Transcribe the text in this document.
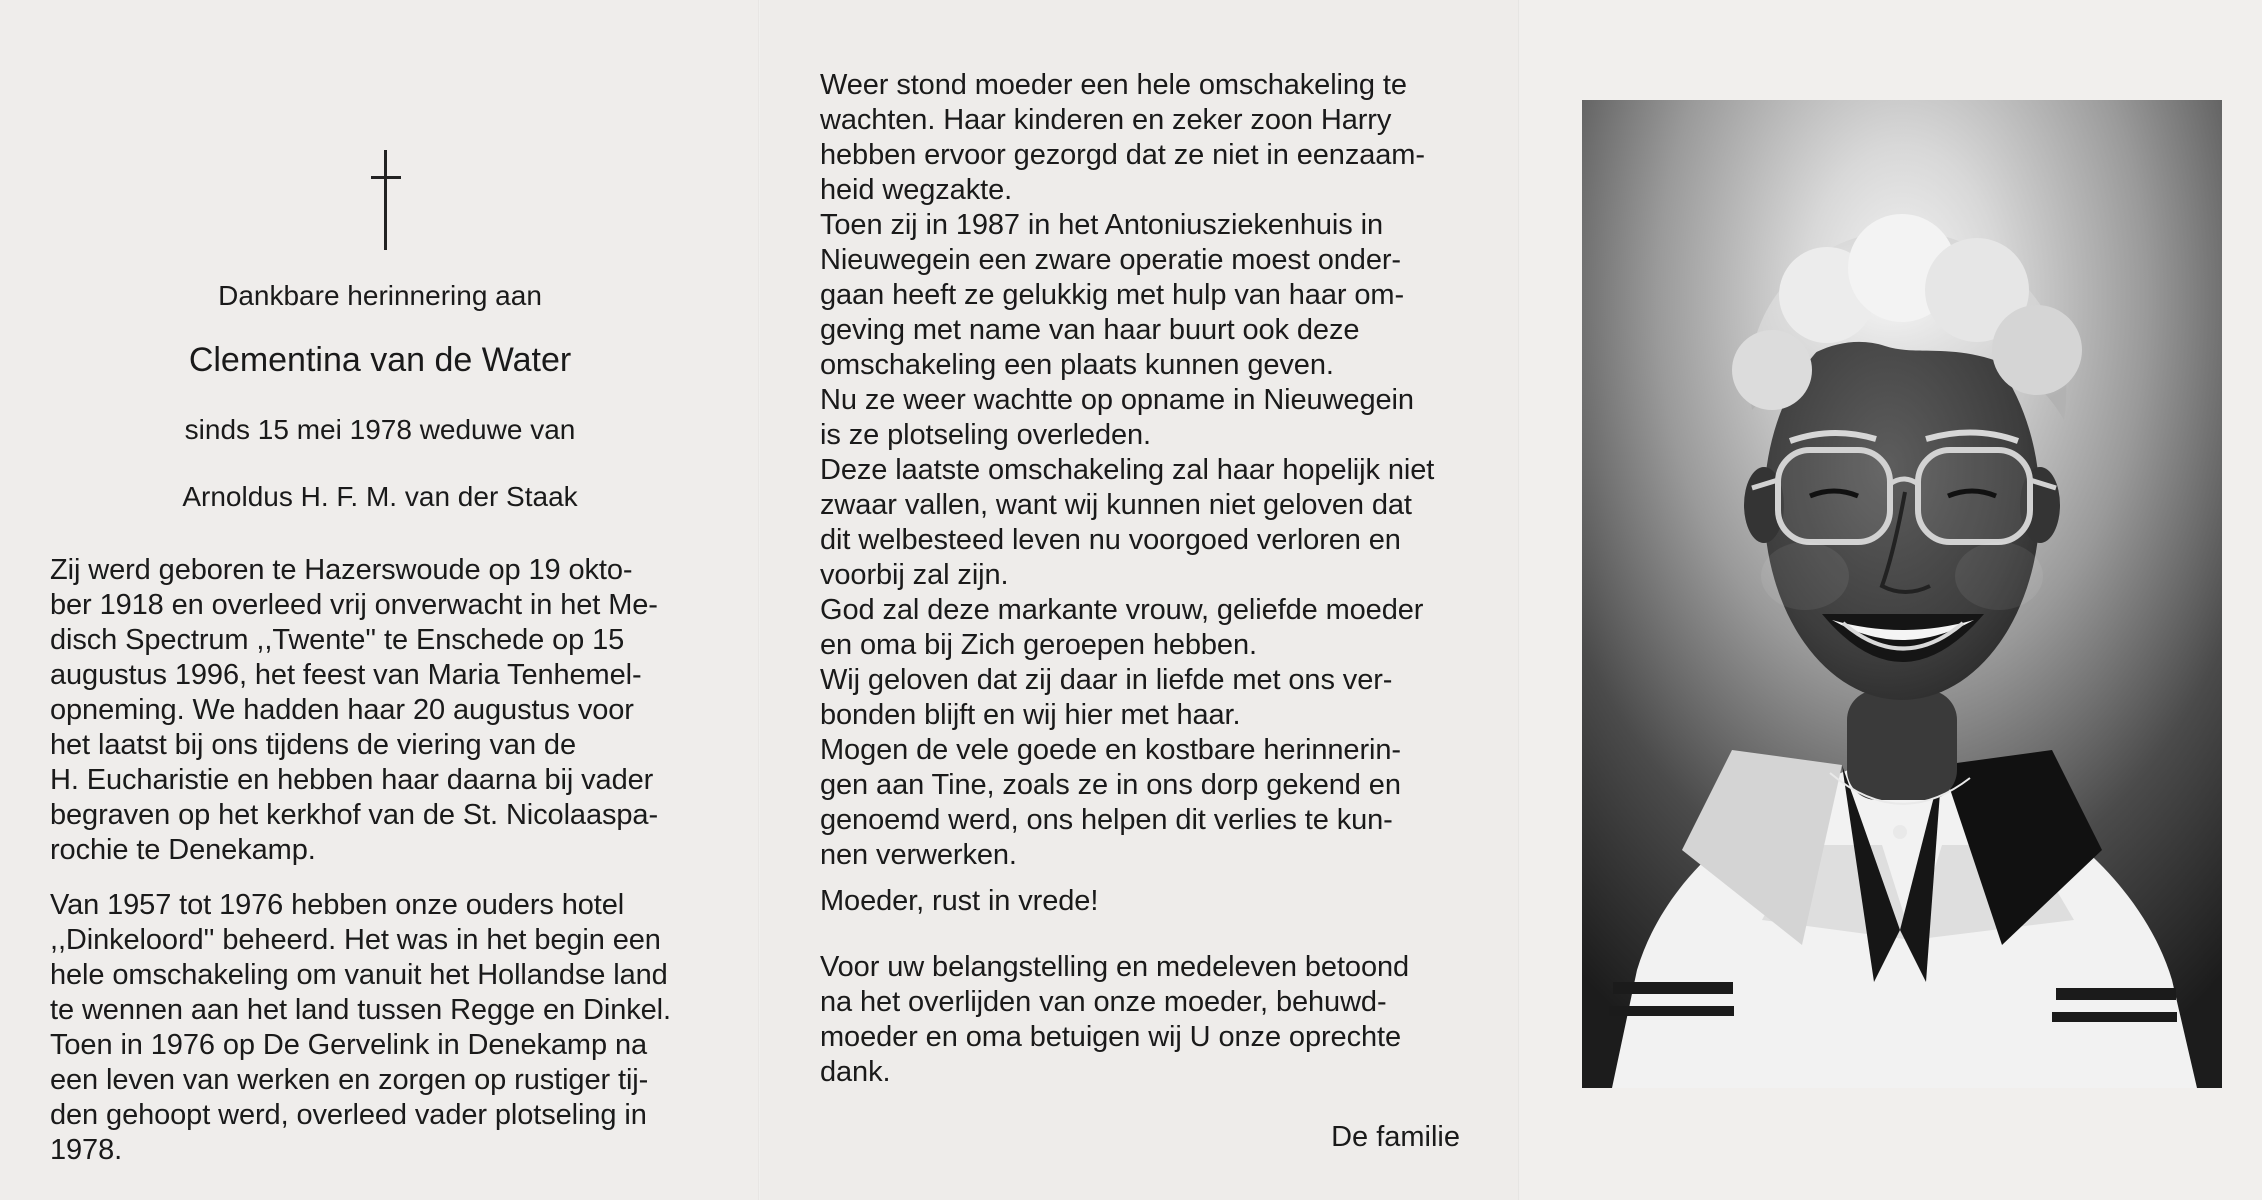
Dankbare herinnering aan
Clementina van de Water
sinds 15 mei 1978 weduwe van
Arnoldus H. F. M. van der Staak
Zij werd geboren te Hazerswoude op 19 okto-
ber 1918 en overleed vrij onverwacht in het Me-
disch Spectrum ,,Twente'' te Enschede op 15
augustus 1996, het feest van Maria Tenhemel-
opneming. We hadden haar 20 augustus voor
het laatst bij ons tijdens de viering van de
H. Eucharistie en hebben haar daarna bij vader
begraven op het kerkhof van de St. Nicolaaspa-
rochie te Denekamp.
Van 1957 tot 1976 hebben onze ouders hotel
,,Dinkeloord'' beheerd. Het was in het begin een
hele omschakeling om vanuit het Hollandse land
te wennen aan het land tussen Regge en Dinkel.
Toen in 1976 op De Gervelink in Denekamp na
een leven van werken en zorgen op rustiger tij-
den gehoopt werd, overleed vader plotseling in
1978.
Weer stond moeder een hele omschakeling te
wachten. Haar kinderen en zeker zoon Harry
hebben ervoor gezorgd dat ze niet in eenzaam-
heid wegzakte.
Toen zij in 1987 in het Antoniusziekenhuis in
Nieuwegein een zware operatie moest onder-
gaan heeft ze gelukkig met hulp van haar om-
geving met name van haar buurt ook deze
omschakeling een plaats kunnen geven.
Nu ze weer wachtte op opname in Nieuwegein
is ze plotseling overleden.
Deze laatste omschakeling zal haar hopelijk niet
zwaar vallen, want wij kunnen niet geloven dat
dit welbesteed leven nu voorgoed verloren en
voorbij zal zijn.
God zal deze markante vrouw, geliefde moeder
en oma bij Zich geroepen hebben.
Wij geloven dat zij daar in liefde met ons ver-
bonden blijft en wij hier met haar.
Mogen de vele goede en kostbare herinnerin-
gen aan Tine, zoals ze in ons dorp gekend en
genoemd werd, ons helpen dit verlies te kun-
nen verwerken.
Moeder, rust in vrede!
Voor uw belangstelling en medeleven betoond
na het overlijden van onze moeder, behuwd-
moeder en oma betuigen wij U onze oprechte
dank.
De familie
